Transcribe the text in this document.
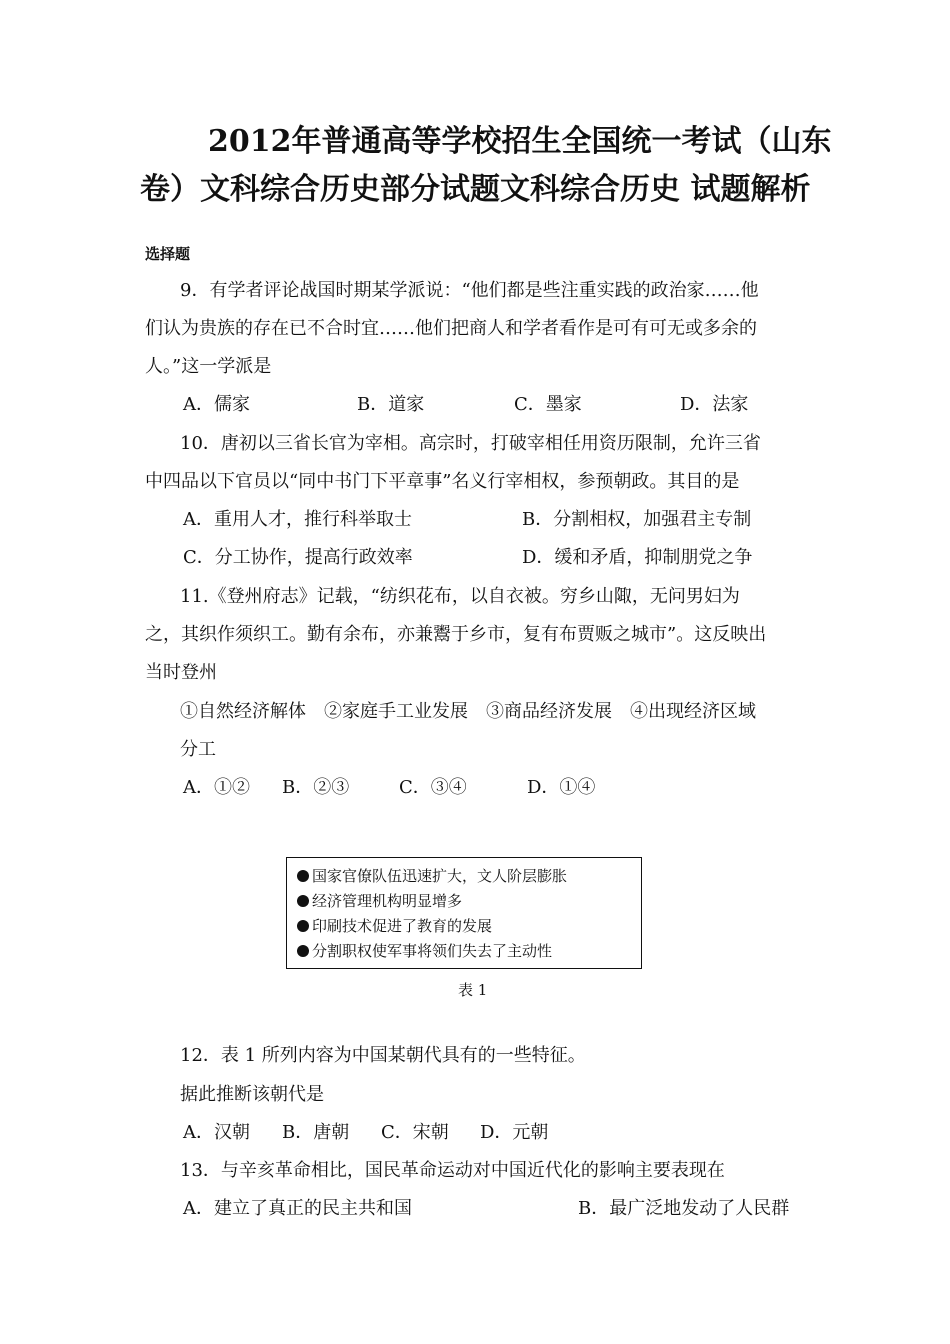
2012年普通高等学校招生全国统一考试（山东
卷）文科综合历史部分试题文科综合历史 试题解析
选择题
9．有学者评论战国时期某学派说：“他们都是些注重实践的政治家……他
们认为贵族的存在已不合时宜……他们把商人和学者看作是可有可无或多余的
人。”这一学派是
A．儒家	B．道家	C．墨家	D．法家
10．唐初以三省长官为宰相。高宗时，打破宰相任用资历限制，允许三省
中四品以下官员以“同中书门下平章事”名义行宰相权，参预朝政。其目的是
A．重用人才，推行科举取士	B．分割相权，加强君主专制
C．分工协作，提高行政效率	D．缓和矛盾，抑制朋党之争
11.《登州府志》记载，“纺织花布，以自衣被。穷乡山陬，无问男妇为
之，其织作须织工。勤有余布，亦兼鬻于乡市，复有布贾贩之城市”。这反映出
当时登州
①自然经济解体　②家庭手工业发展　③商品经济发展　④出现经济区域
分工
A．①② B．②③	C．③④	D．①④
国家官僚队伍迅速扩大，文人阶层膨胀
经济管理机构明显增多
印刷技术促进了教育的发展
分割职权使军事将领们失去了主动性
表 1
12．表 1 所列内容为中国某朝代具有的一些特征。
据此推断该朝代是
A．汉朝 B．唐朝 C．宋朝 D．元朝
13．与辛亥革命相比，国民革命运动对中国近代化的影响主要表现在
A．建立了真正的民主共和国	B．最广泛地发动了人民群
